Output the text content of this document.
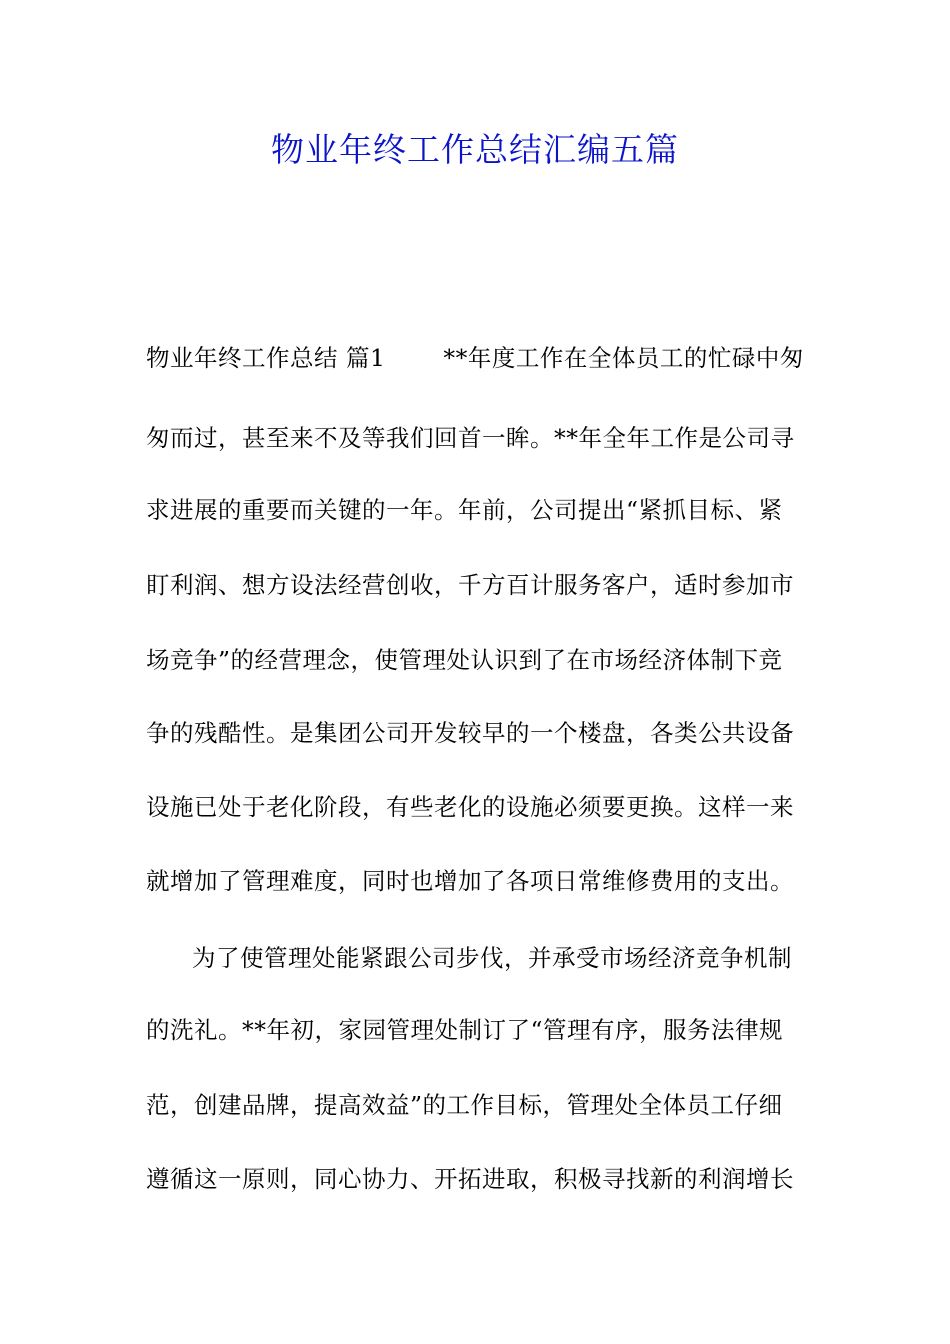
物业年终工作总结汇编五篇
物业年终工作总结 篇1 **年度工作在全体员工的忙碌中匆
匆而过，甚至来不及等我们回首一眸。**年全年工作是公司寻
求进展的重要而关键的一年。年前，公司提出“紧抓目标、紧
盯利润、想方设法经营创收，千方百计服务客户，适时参加市
场竞争”的经营理念，使管理处认识到了在市场经济体制下竞
争的残酷性。是集团公司开发较早的一个楼盘，各类公共设备
设施已处于老化阶段，有些老化的设施必须要更换。这样一来
就增加了管理难度，同时也增加了各项日常维修费用的支出。
为了使管理处能紧跟公司步伐，并承受市场经济竞争机制
的洗礼。**年初，家园管理处制订了“管理有序，服务法律规
范，创建品牌，提高效益”的工作目标，管理处全体员工仔细
遵循这一原则，同心协力、开拓进取，积极寻找新的利润增长
